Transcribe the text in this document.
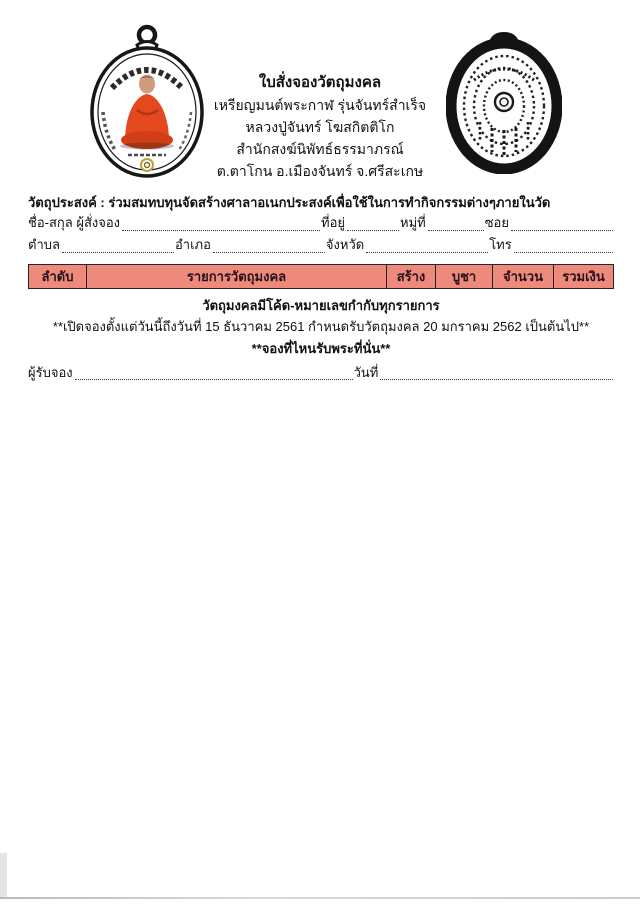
ใบสั่งจองวัตถุมงคล
เหรียญมนต์พระกาฬ รุ่นจันทร์สำเร็จ
หลวงปู่จันทร์ โฆสกิตติโก
สำนักสงฆ์นิพัทธ์ธรรมาภรณ์
ต.ตาโกน อ.เมืองจันทร์ จ.ศรีสะเกษ
วัตถุประสงค์ : ร่วมสมทบทุนจัดสร้างศาลาอเนกประสงค์เพื่อใช้ในการทำกิจกรรมต่างๆภายในวัด
ชื่อ-สกุล ผู้สั่งจอง	ที่อยู่	หมู่ที่	ซอย
ตำบล	อำเภอ	จังหวัด	โทร
ลำดับ	รายการวัตถุมงคล	สร้าง	บูชา	จำนวน	รวมเงิน
วัตถุมงคลมีโค้ด-หมายเลขกำกับทุกรายการ
**เปิดจองตั้งแต่วันนี้ถึงวันที่ 15 ธันวาคม 2561 กำหนดรับวัตถุมงคล 20 มกราคม 2562 เป็นต้นไป**
**จองที่ไหนรับพระที่นั่น**
ผู้รับจอง	วันที่
